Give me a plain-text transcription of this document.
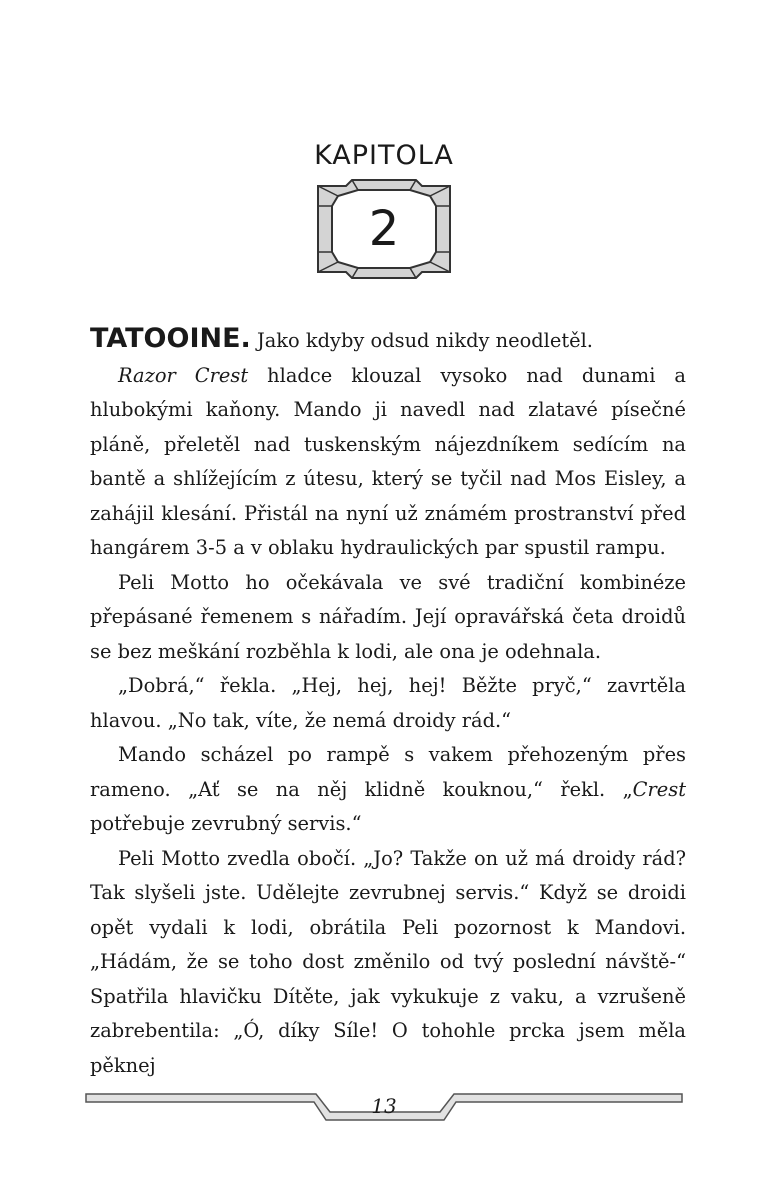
KAPITOLA
2

TATOOINE. Jako kdyby odsud nikdy neodletěl.

Razor Crest hladce klouzal vysoko nad dunami a hlubokými kaňony. Mando ji navedl nad zlatavé písečné pláně, přeletěl nad tuskenským nájezdníkem sedícím na bantě a shlížejícím z útesu, který se tyčil nad Mos Eisley, a zahájil klesání. Přistál na nyní už známém prostranství před hangárem 3-5 a v oblaku hydraulických par spustil rampu.

Peli Motto ho očekávala ve své tradiční kombinéze přepásané řemenem s nářadím. Její opravářská četa droidů se bez meškání rozběhla k lodi, ale ona je odehnala.

„Dobrá,“ řekla. „Hej, hej, hej! Běžte pryč,“ zavrtěla hlavou. „No tak, víte, že nemá droidy rád.“

Mando scházel po rampě s vakem přehozeným přes rameno. „Ať se na něj klidně kouknou,“ řekl. „Crest potřebuje zevrubný servis.“

Peli Motto zvedla obočí. „Jo? Takže on už má droidy rád? Tak slyšeli jste. Udělejte zevrubnej servis.“ Když se droidi opět vydali k lodi, obrátila Peli pozornost k Mandovi. „Hádám, že se toho dost změnilo od tvý poslední návště-“ Spatřila hlavičku Dítěte, jak vykukuje z vaku, a vzrušeně zabrebentila: „Ó, díky Síle! O tohohle prcka jsem měla pěknej

13
